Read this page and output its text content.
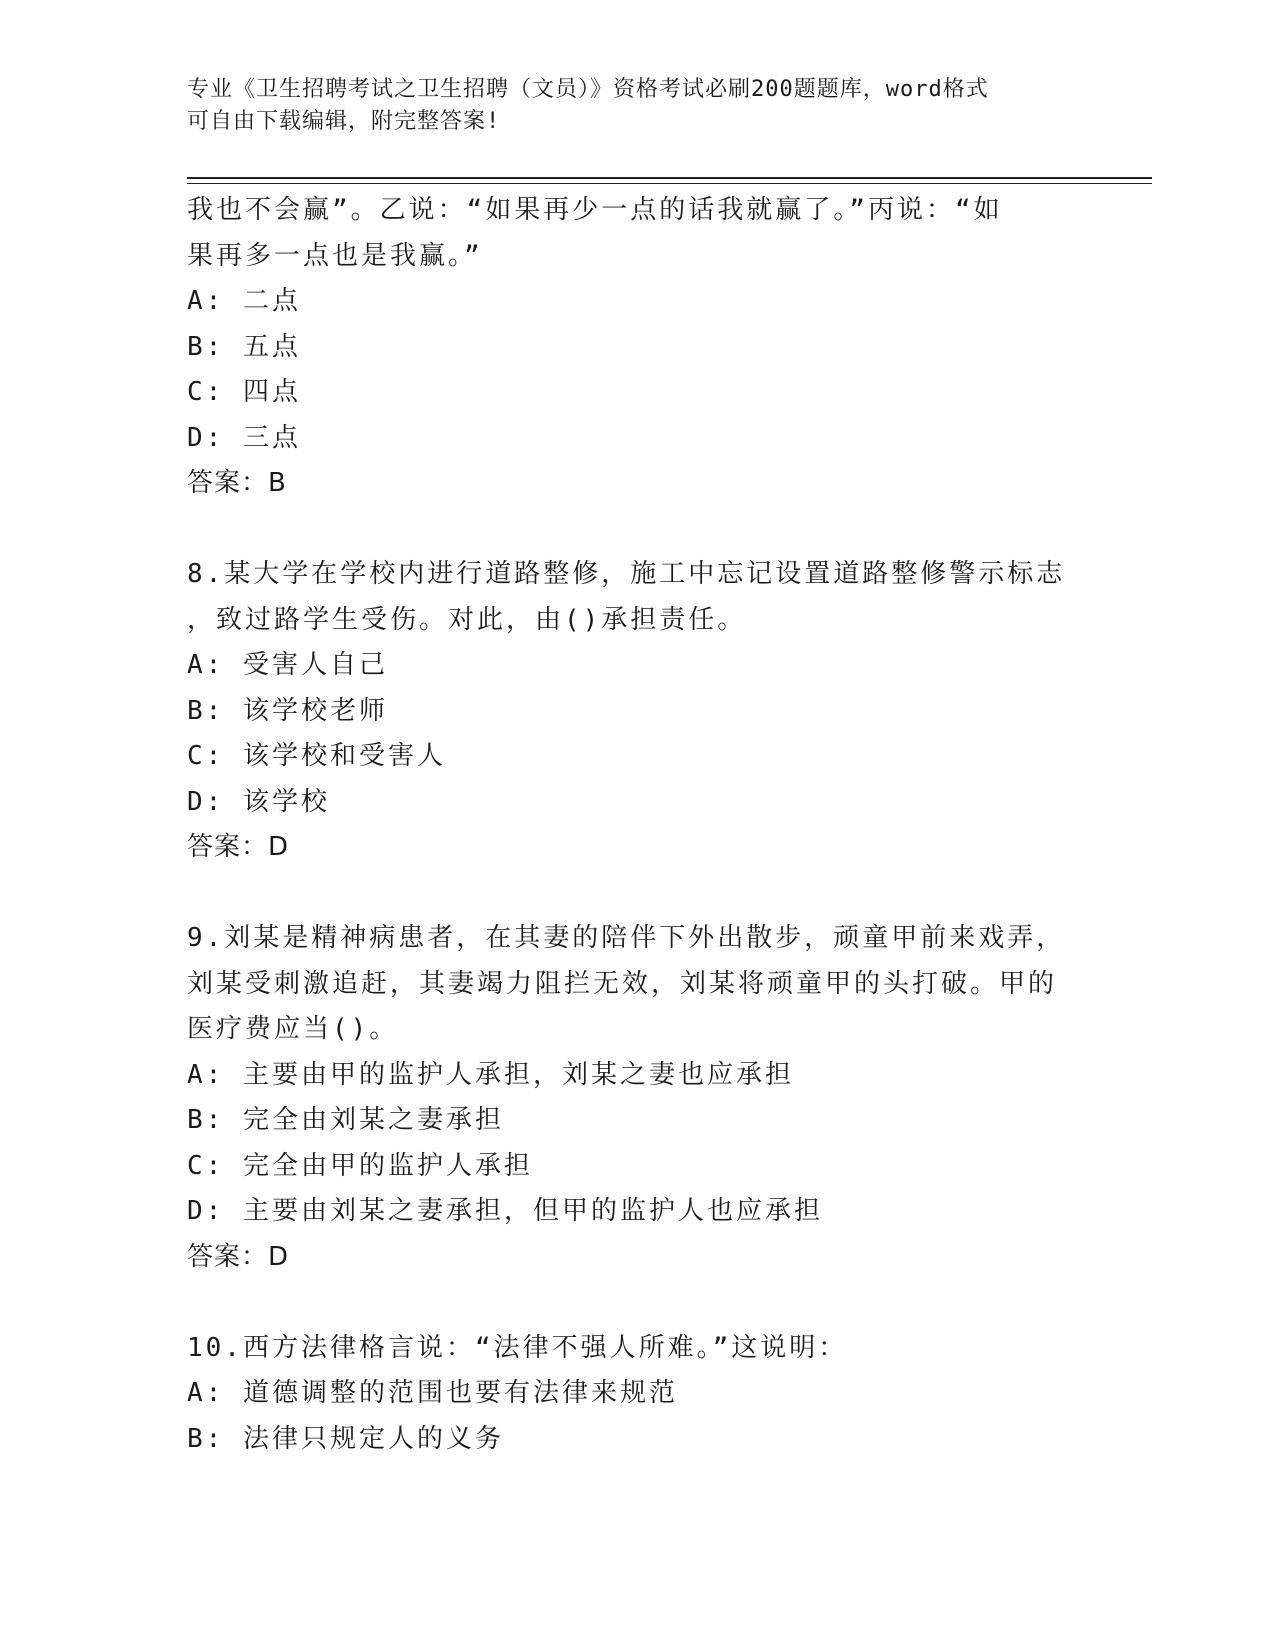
专业《卫生招聘考试之卫生招聘（文员）》资格考试必刷200题题库，word格式
可自由下载编辑，附完整答案!
我也不会赢”。乙说：“如果再少一点的话我就赢了。”丙说：“如
果再多一点也是我赢。”
A: 二点
B: 五点
C: 四点
D: 三点
答案：B
8.某大学在学校内进行道路整修，施工中忘记设置道路整修警示标志
，致过路学生受伤。对此，由()承担责任。
A: 受害人自己
B: 该学校老师
C: 该学校和受害人
D: 该学校
答案：D
9.刘某是精神病患者，在其妻的陪伴下外出散步，顽童甲前来戏弄，
刘某受刺激追赶，其妻竭力阻拦无效，刘某将顽童甲的头打破。甲的
医疗费应当()。
A: 主要由甲的监护人承担，刘某之妻也应承担
B: 完全由刘某之妻承担
C: 完全由甲的监护人承担
D: 主要由刘某之妻承担，但甲的监护人也应承担
答案：D
10.西方法律格言说：“法律不强人所难。”这说明：
A: 道德调整的范围也要有法律来规范
B: 法律只规定人的义务
